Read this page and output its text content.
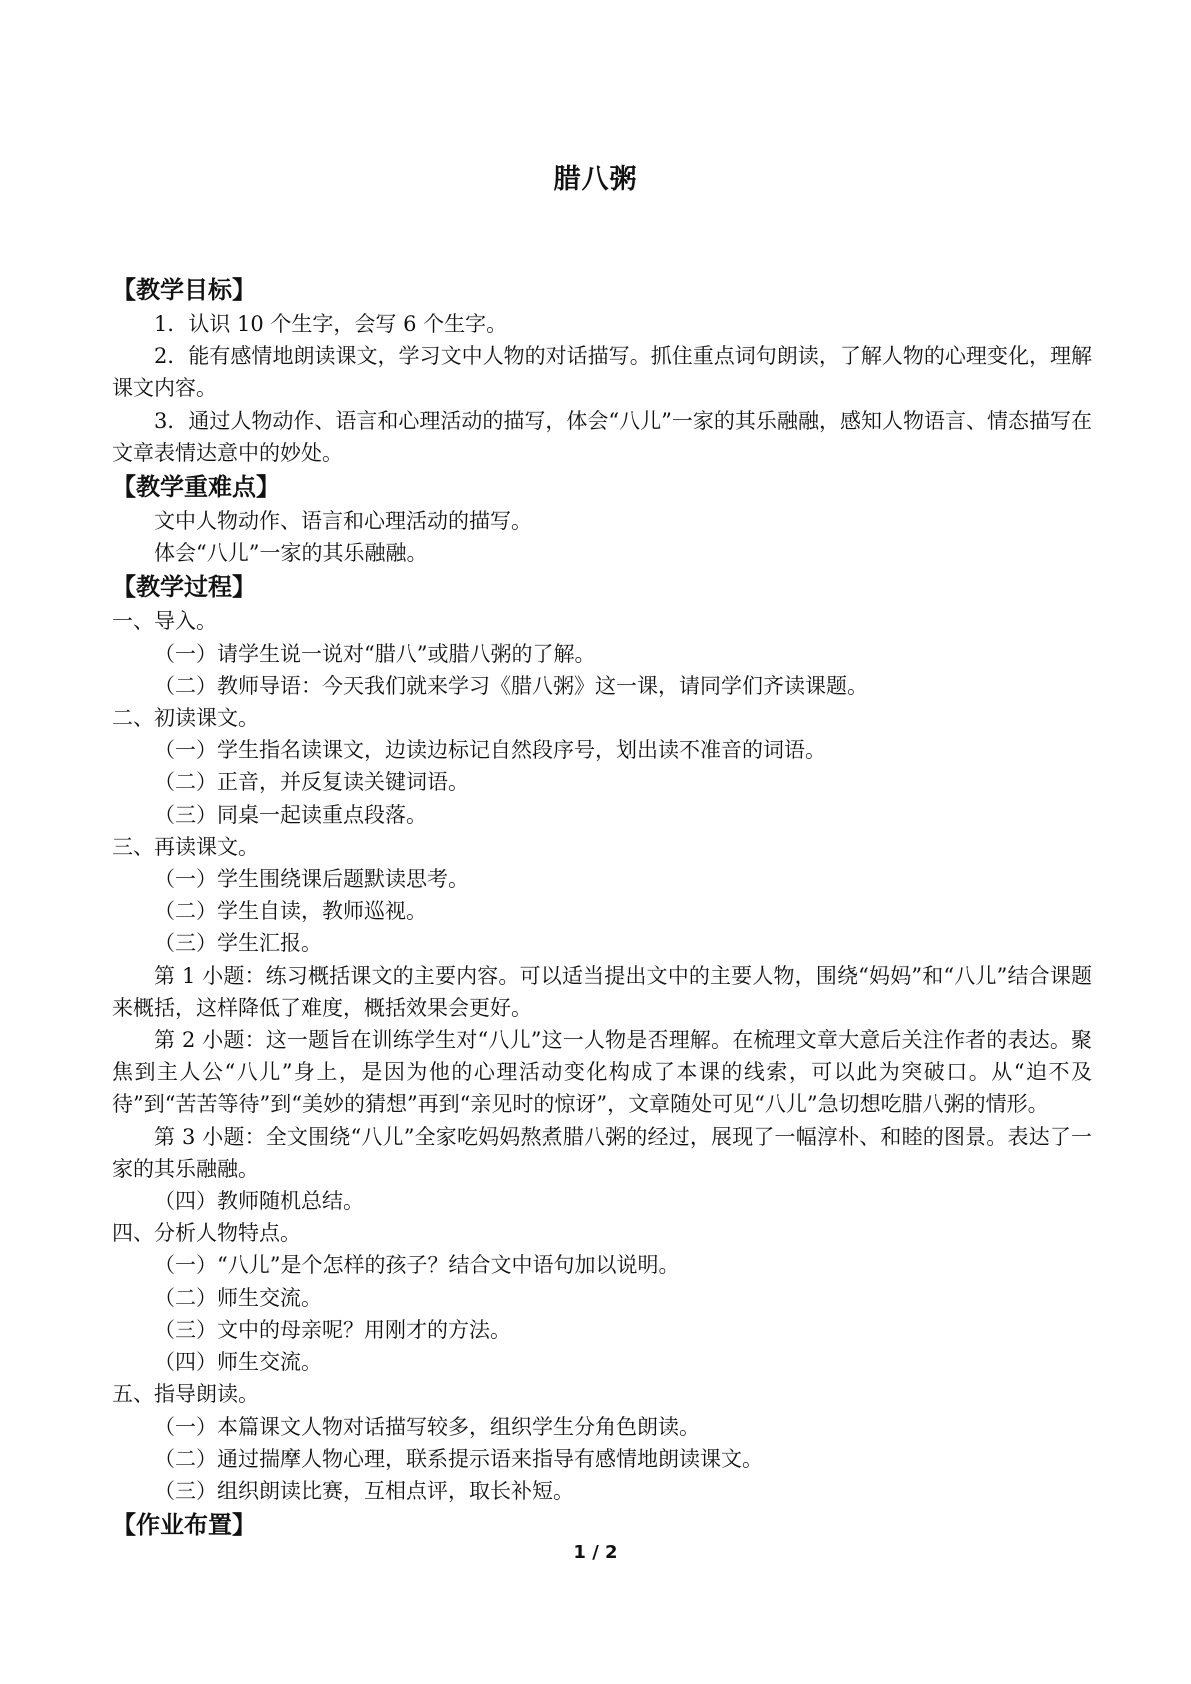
腊八粥
【教学目标】

1．认识 10 个生字，会写 6 个生字。

2．能有感情地朗读课文，学习文中人物的对话描写。抓住重点词句朗读，了解人物的心理变化，理解课文内容。

3．通过人物动作、语言和心理活动的描写，体会“八儿”一家的其乐融融，感知人物语言、情态描写在文章表情达意中的妙处。

【教学重难点】

文中人物动作、语言和心理活动的描写。

体会“八儿”一家的其乐融融。

【教学过程】

一、导入。

（一）请学生说一说对“腊八”或腊八粥的了解。

（二）教师导语：今天我们就来学习《腊八粥》这一课，请同学们齐读课题。

二、初读课文。

（一）学生指名读课文，边读边标记自然段序号，划出读不准音的词语。

（二）正音，并反复读关键词语。

（三）同桌一起读重点段落。

三、再读课文。

（一）学生围绕课后题默读思考。

（二）学生自读，教师巡视。

（三）学生汇报。

第 1 小题：练习概括课文的主要内容。可以适当提出文中的主要人物，围绕“妈妈”和“八儿”结合课题来概括，这样降低了难度，概括效果会更好。

第 2 小题：这一题旨在训练学生对“八儿”这一人物是否理解。在梳理文章大意后关注作者的表达。聚焦到主人公“八儿”身上，是因为他的心理活动变化构成了本课的线索，可以此为突破口。从“迫不及待”到“苦苦等待”到“美妙的猜想”再到“亲见时的惊讶”，文章随处可见“八儿”急切想吃腊八粥的情形。

第 3 小题：全文围绕“八儿”全家吃妈妈熬煮腊八粥的经过，展现了一幅淳朴、和睦的图景。表达了一家的其乐融融。

（四）教师随机总结。

四、分析人物特点。

（一）“八儿”是个怎样的孩子？结合文中语句加以说明。

（二）师生交流。

（三）文中的母亲呢？用刚才的方法。

（四）师生交流。

五、指导朗读。

（一）本篇课文人物对话描写较多，组织学生分角色朗读。

（二）通过揣摩人物心理，联系提示语来指导有感情地朗读课文。

（三）组织朗读比赛，互相点评，取长补短。

【作业布置】
1 / 2
